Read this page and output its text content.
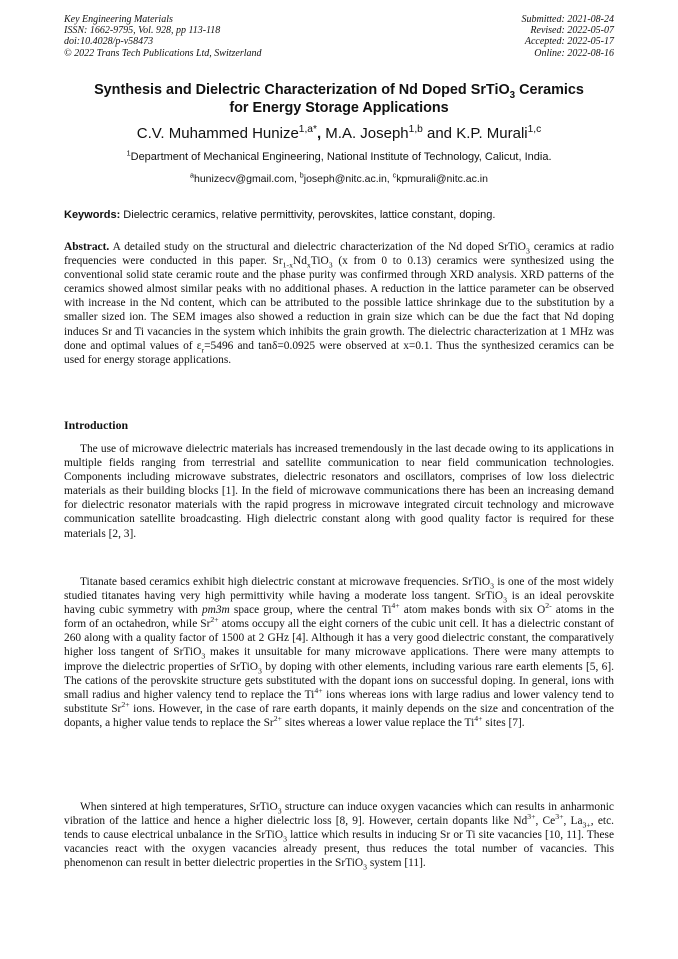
Key Engineering Materials
ISSN: 1662-9795, Vol. 928, pp 113-118
doi:10.4028/p-v58473
© 2022 Trans Tech Publications Ltd, Switzerland
Submitted: 2021-08-24
Revised: 2022-05-07
Accepted: 2022-05-17
Online: 2022-08-16
Synthesis and Dielectric Characterization of Nd Doped SrTiO$_3$ Ceramics
for Energy Storage Applications
C.V. Muhammed Hunize$^{1,a*}$, M.A. Joseph$^{1,b}$ and K.P. Murali$^{1,c}$
$^1$Department of Mechanical Engineering, National Institute of Technology, Calicut, India.
$^a$hunizecv@gmail.com, $^b$joseph@nitc.ac.in, $^c$kpmurali@nitc.ac.in
Keywords: Dielectric ceramics, relative permittivity, perovskites, lattice constant, doping.

Abstract. A detailed study on the structural and dielectric characterization of the Nd doped SrTiO$_3$ ceramics at radio frequencies were conducted in this paper. $Sr_{1-x}Nd_xTiO_3$ (x from 0 to 0.13) ceramics were synthesized using the conventional solid state ceramic route and the phase purity was confirmed through XRD analysis. XRD patterns of the ceramics showed almost similar peaks with no additional phases. A reduction in the lattice parameter can be observed with increase in the Nd content, which can be attributed to the possible lattice shrinkage due to the substitution by a smaller sized ion. The SEM images also showed a reduction in grain size which can be due the fact that Nd doping induces Sr and Ti vacancies in the system which inhibits the grain growth. The dielectric characterization at 1 MHz was done and optimal values of $\varepsilon_r=5496$ and tanδ=0.0925 were observed at x=0.1. Thus the synthesized ceramics can be used for energy storage applications.

Introduction

The use of microwave dielectric materials has increased tremendously in the last decade owing to its applications in multiple fields ranging from terrestrial and satellite communication to near field communication technologies. Components including microwave substrates, dielectric resonators and oscillators, comprises of low loss dielectric materials as their building blocks [1]. In the field of microwave communications there has been an increasing demand for dielectric resonator materials with the rapid progress in microwave integrated circuit technology and microwave communication satellite broadcasting. High dielectric constant along with good quality factor is required for these materials [2, 3].

Titanate based ceramics exhibit high dielectric constant at microwave frequencies. SrTiO$_3$ is one of the most widely studied titanates having very high permittivity while having a moderate loss tangent. SrTiO$_3$ is an ideal perovskite having cubic symmetry with pm3m space group, where the central $Ti^{4+}$ atom makes bonds with six $O^{2-}$ atoms in the form of an octahedron, while $Sr^{2+}$ atoms occupy all the eight corners of the cubic unit cell. It has a dielectric constant of 260 along with a quality factor of 1500 at 2 GHz [4]. Although it has a very good dielectric constant, the comparatively higher loss tangent of SrTiO$_3$ makes it unsuitable for many microwave applications. There were many attempts to improve the dielectric properties of SrTiO$_3$ by doping with other elements, including various rare earth elements [5, 6]. The cations of the perovskite structure gets substituted with the dopant ions on successful doping. In general, ions with small radius and higher valency tend to replace the $Ti^{4+}$ ions whereas ions with large radius and lower valency tend to substitute $Sr^{2+}$ ions. However, in the case of rare earth dopants, it mainly depends on the size and concentration of the dopants, a higher value tends to replace the $Sr^{2+}$ sites whereas a lower value replace the $Ti^{4+}$ sites [7].

When sintered at high temperatures, SrTiO$_3$ structure can induce oxygen vacancies which can results in anharmonic vibration of the lattice and hence a higher dielectric loss [8, 9]. However, certain dopants like $Nd^{3+}$, $Ce^{3+}$, $La_{3+}$, etc. tends to cause electrical unbalance in the SrTiO$_3$ lattice which results in inducing Sr or Ti site vacancies [10, 11]. These vacancies react with the oxygen vacancies already present, thus reduces the total number of vacancies. This phenomenon can result in better dielectric properties in the SrTiO$_3$ system [11].
